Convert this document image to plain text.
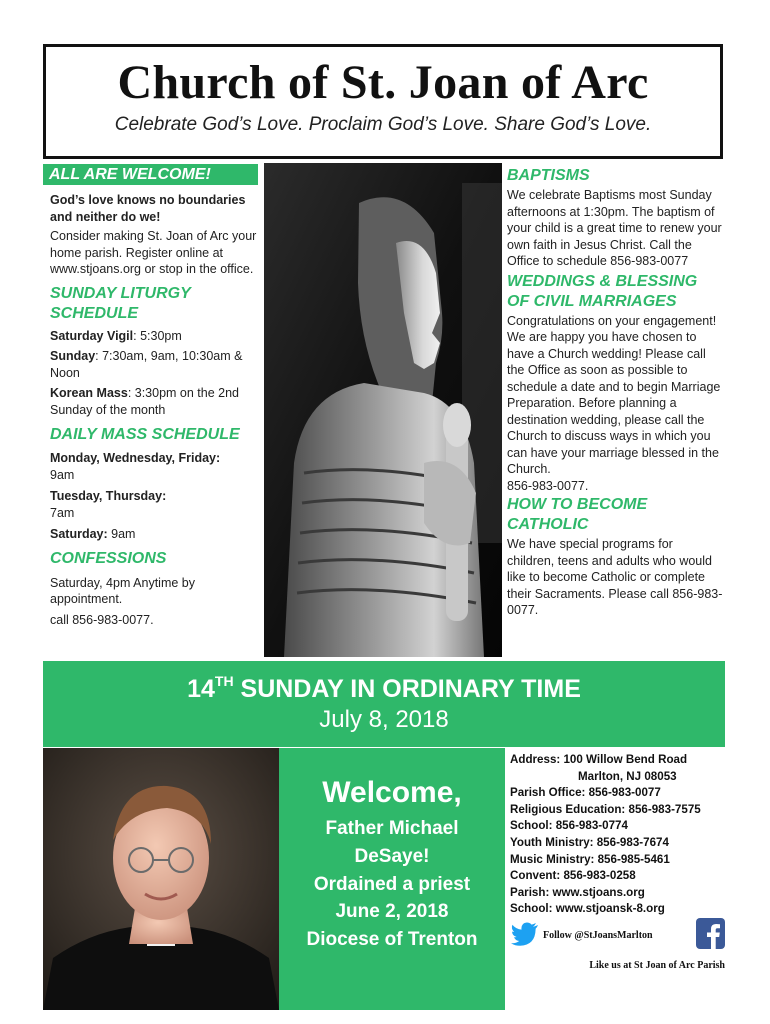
Church of St. Joan of Arc
Celebrate God’s Love. Proclaim God’s Love. Share God’s Love.
ALL ARE WELCOME!
God’s love knows no boundaries and neither do we!
Consider making St. Joan of Arc your home parish. Register online at www.stjoans.org or stop in the office.
SUNDAY LITURGY SCHEDULE
Saturday Vigil: 5:30pm
Sunday: 7:30am, 9am, 10:30am & Noon
Korean Mass: 3:30pm on the 2nd Sunday of the month
DAILY MASS SCHEDULE
Monday, Wednesday, Friday:
9am
Tuesday, Thursday:
7am
Saturday: 9am
CONFESSIONS
Saturday, 4pm Anytime by appointment.
call 856-983-0077.
BAPTISMS
We celebrate Baptisms most Sunday afternoons at 1:30pm. The baptism of your child is a great time to renew your own faith in Jesus Christ. Call the Office to schedule 856-983-0077
WEDDINGS & BLESSING OF CIVIL MARRIAGES
Congratulations on your engagement! We are happy you have chosen to have a Church wedding! Please call the Office as soon as possible to schedule a date and to begin Marriage Preparation. Before planning a destination wedding, please call the Church to discuss ways in which you can have your marriage blessed in the Church.
856-983-0077.
HOW TO BECOME CATHOLIC
We have special programs for children, teens and adults who would like to become Catholic or complete their Sacraments. Please call 856-983-0077.
14TH SUNDAY IN ORDINARY TIME
July 8, 2018
Welcome,
Father Michael
DeSaye!
Ordained a priest
June 2, 2018
Diocese of Trenton
Address: 100 Willow Bend Road
Marlton, NJ 08053
Parish Office: 856-983-0077
Religious Education: 856-983-7575
School: 856-983-0774
Youth Ministry: 856-983-7674
Music Ministry: 856-985-5461
Convent: 856-983-0258
Parish: www.stjoans.org
School: www.stjoansk-8.org
Follow @StJoansMarlton
Like us at St Joan of Arc Parish
